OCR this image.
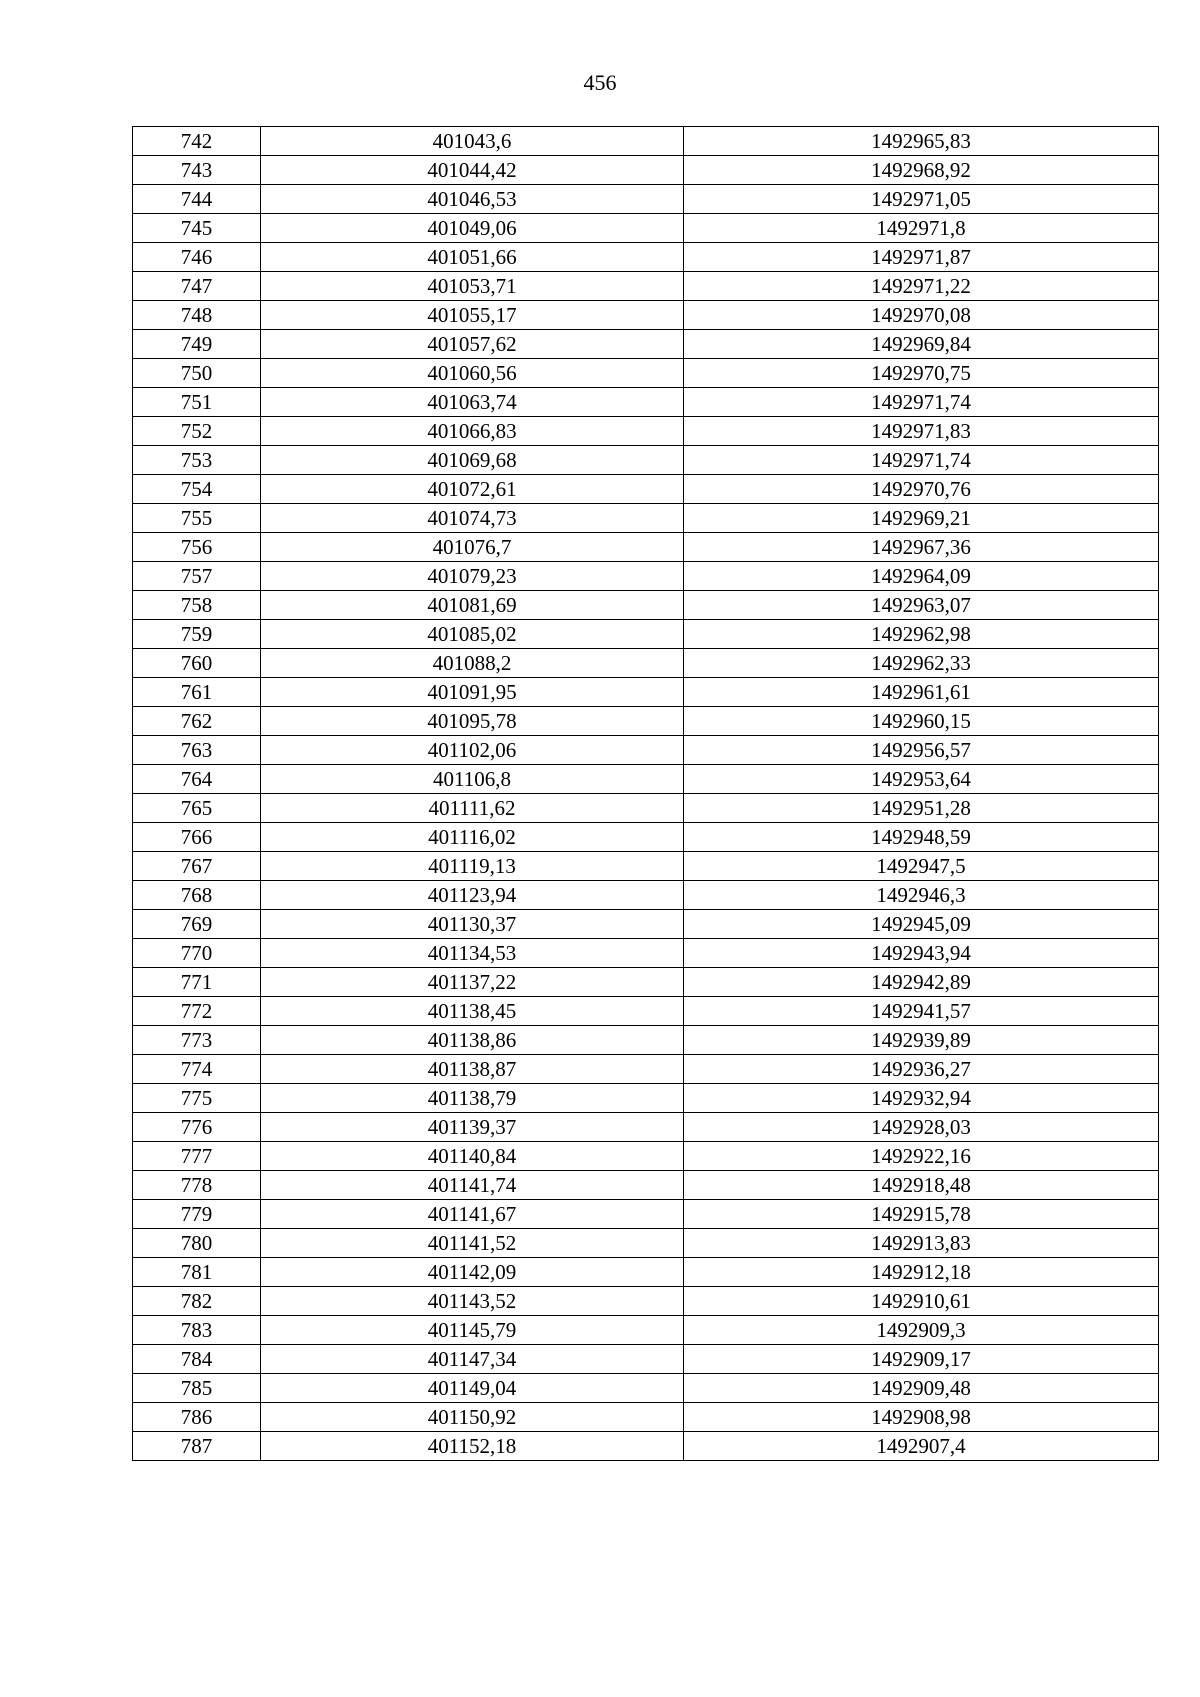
456
742	401043,6	1492965,83
743	401044,42	1492968,92
744	401046,53	1492971,05
745	401049,06	1492971,8
746	401051,66	1492971,87
747	401053,71	1492971,22
748	401055,17	1492970,08
749	401057,62	1492969,84
750	401060,56	1492970,75
751	401063,74	1492971,74
752	401066,83	1492971,83
753	401069,68	1492971,74
754	401072,61	1492970,76
755	401074,73	1492969,21
756	401076,7	1492967,36
757	401079,23	1492964,09
758	401081,69	1492963,07
759	401085,02	1492962,98
760	401088,2	1492962,33
761	401091,95	1492961,61
762	401095,78	1492960,15
763	401102,06	1492956,57
764	401106,8	1492953,64
765	401111,62	1492951,28
766	401116,02	1492948,59
767	401119,13	1492947,5
768	401123,94	1492946,3
769	401130,37	1492945,09
770	401134,53	1492943,94
771	401137,22	1492942,89
772	401138,45	1492941,57
773	401138,86	1492939,89
774	401138,87	1492936,27
775	401138,79	1492932,94
776	401139,37	1492928,03
777	401140,84	1492922,16
778	401141,74	1492918,48
779	401141,67	1492915,78
780	401141,52	1492913,83
781	401142,09	1492912,18
782	401143,52	1492910,61
783	401145,79	1492909,3
784	401147,34	1492909,17
785	401149,04	1492909,48
786	401150,92	1492908,98
787	401152,18	1492907,4
